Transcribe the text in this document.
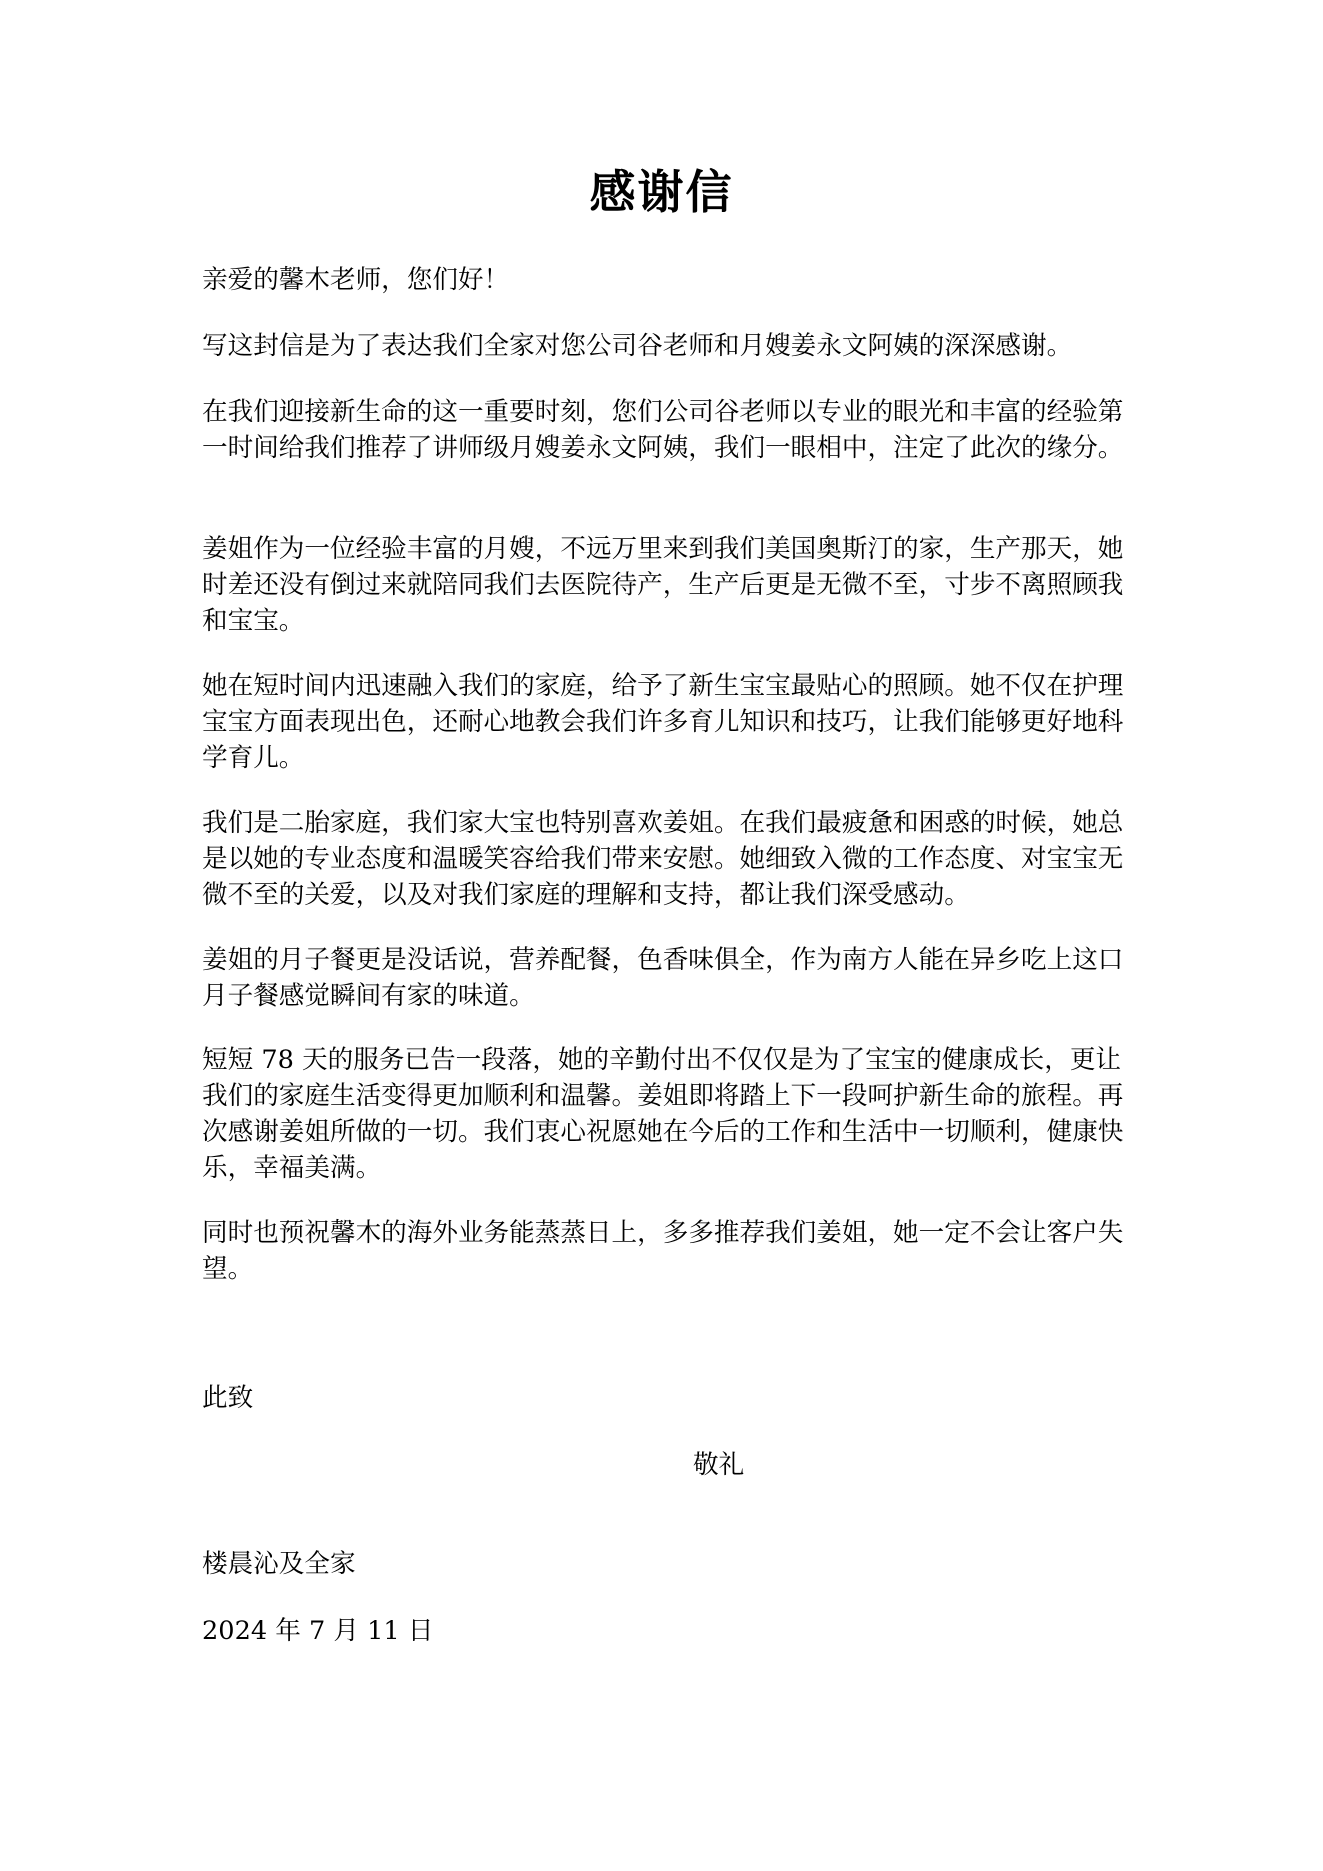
感谢信

亲爱的馨木老师，您们好！

写这封信是为了表达我们全家对您公司谷老师和月嫂姜永文阿姨的深深感谢。

在我们迎接新生命的这一重要时刻，您们公司谷老师以专业的眼光和丰富的经验第一时间给我们推荐了讲师级月嫂姜永文阿姨，我们一眼相中，注定了此次的缘分。

姜姐作为一位经验丰富的月嫂，不远万里来到我们美国奥斯汀的家，生产那天，她时差还没有倒过来就陪同我们去医院待产，生产后更是无微不至，寸步不离照顾我和宝宝。

她在短时间内迅速融入我们的家庭，给予了新生宝宝最贴心的照顾。她不仅在护理宝宝方面表现出色，还耐心地教会我们许多育儿知识和技巧，让我们能够更好地科学育儿。

我们是二胎家庭，我们家大宝也特别喜欢姜姐。在我们最疲惫和困惑的时候，她总是以她的专业态度和温暖笑容给我们带来安慰。她细致入微的工作态度、对宝宝无微不至的关爱，以及对我们家庭的理解和支持，都让我们深受感动。

姜姐的月子餐更是没话说，营养配餐，色香味俱全，作为南方人能在异乡吃上这口月子餐感觉瞬间有家的味道。

短短 78 天的服务已告一段落，她的辛勤付出不仅仅是为了宝宝的健康成长，更让我们的家庭生活变得更加顺利和温馨。姜姐即将踏上下一段呵护新生命的旅程。再次感谢姜姐所做的一切。我们衷心祝愿她在今后的工作和生活中一切顺利，健康快乐，幸福美满。

同时也预祝馨木的海外业务能蒸蒸日上，多多推荐我们姜姐，她一定不会让客户失望。

此致

敬礼

楼晨沁及全家

2024 年 7 月 11 日
